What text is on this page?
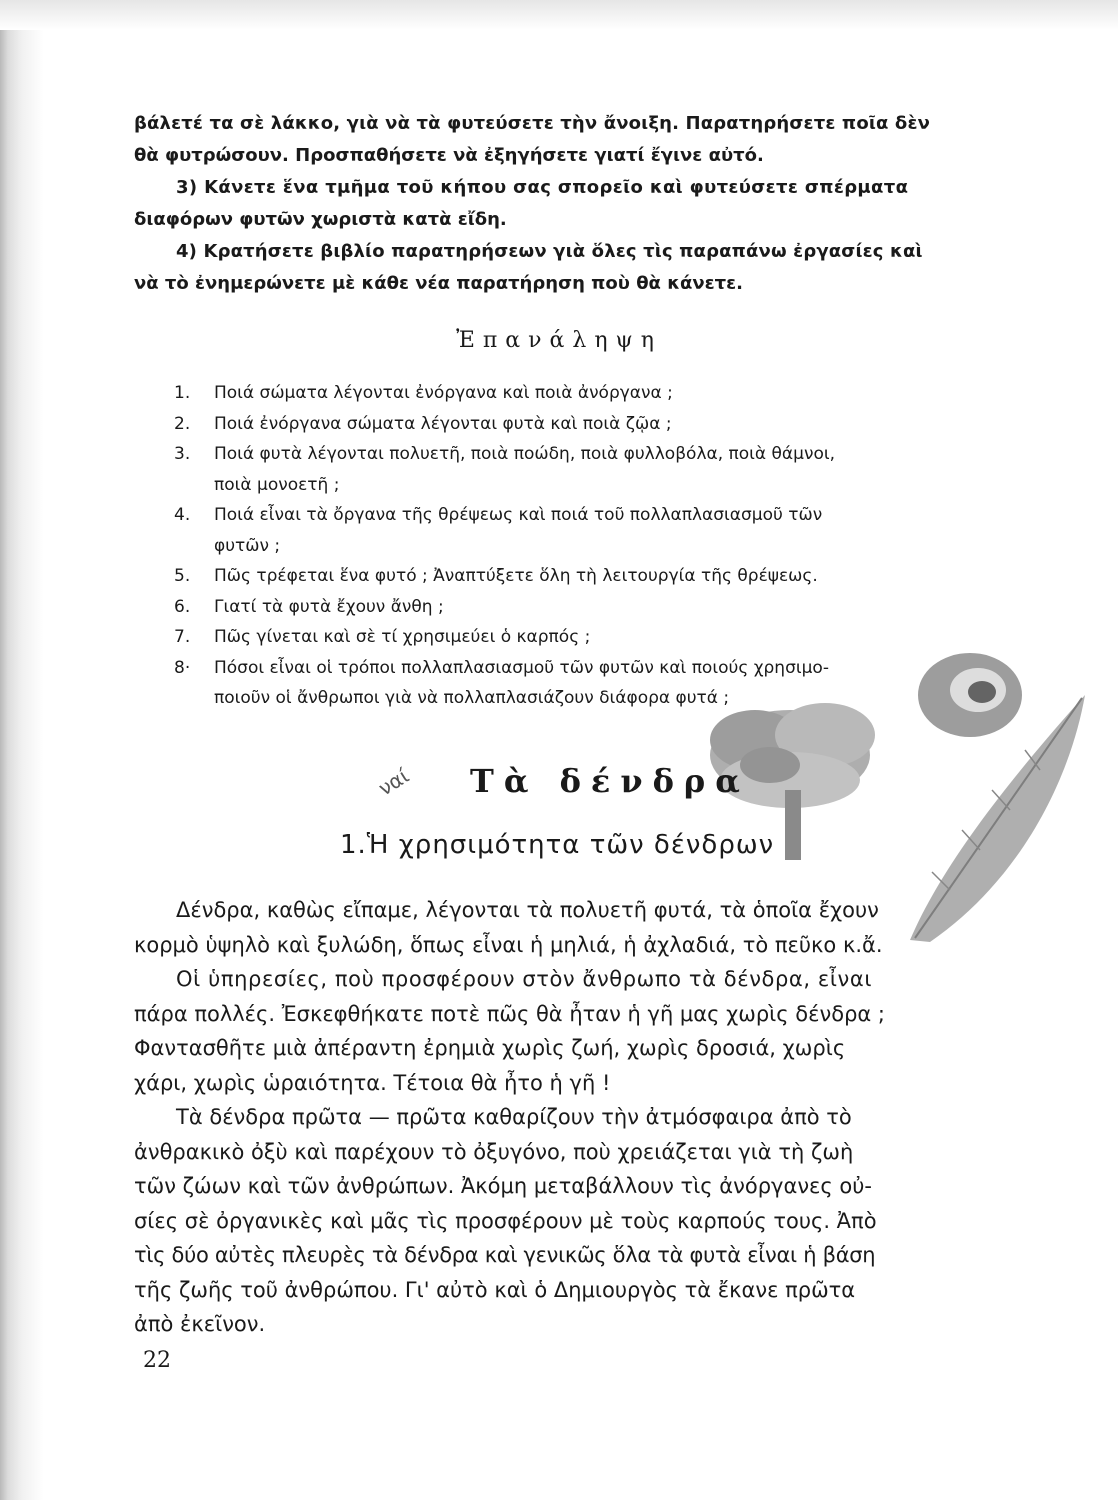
βάλετέ τα σὲ λάκκο, γιὰ νὰ τὰ φυτεύσετε τὴν ἄνοιξη. Παρατηρήσετε ποῖα δὲν
θὰ φυτρώσουν. Προσπαθήσετε νὰ ἐξηγήσετε γιατί ἔγινε αὐτό.
3) Κάνετε ἕνα τμῆμα τοῦ κήπου σας σπορεῖο καὶ φυτεύσετε σπέρματα
διαφόρων φυτῶν χωριστὰ κατὰ εἴδη.
4) Κρατήσετε βιβλίο παρατηρήσεων γιὰ ὅλες τὶς παραπάνω ἐργασίες καὶ
νὰ τὸ ἐνημερώνετε μὲ κάθε νέα παρατήρηση ποὺ θὰ κάνετε.
Ἐπανάληψη
1.	Ποιά σώματα λέγονται ἐνόργανα καὶ ποιὰ ἀνόργανα ;
2.	Ποιά ἐνόργανα σώματα λέγονται φυτὰ καὶ ποιὰ ζῷα ;
3.	Ποιά φυτὰ λέγονται πολυετῆ, ποιὰ ποώδη, ποιὰ φυλλοβόλα, ποιὰ θάμνοι,
ποιὰ μονοετῆ ;
4.	Ποιά εἶναι τὰ ὄργανα τῆς θρέψεως καὶ ποιά τοῦ πολλαπλασιασμοῦ τῶν
φυτῶν ;
5.	Πῶς τρέφεται ἕνα φυτό ; Ἀναπτύξετε ὅλη τὴ λειτουργία τῆς θρέψεως.
6.	Γιατί τὰ φυτὰ ἔχουν ἄνθη ;
7.	Πῶς γίνεται καὶ σὲ τί χρησιμεύει ὁ καρπός ;
8·	Πόσοι εἶναι οἱ τρόποι πολλαπλασιασμοῦ τῶν φυτῶν καὶ ποιούς χρησιμο-
ποιοῦν οἱ ἄνθρωποι γιὰ νὰ πολλαπλασιάζουν διάφορα φυτά ;
ναί Τὰ δένδρα
1.Ἡ χρησιμότητα τῶν δένδρων
Δένδρα, καθὼς εἴπαμε, λέγονται τὰ πολυετῆ φυτά, τὰ ὁποῖα ἔχουν
κορμὸ ὑψηλὸ καὶ ξυλώδη, ὅπως εἶναι ἡ μηλιά, ἡ ἀχλαδιά, τὸ πεῦκο κ.ἄ.
Οἱ ὑπηρεσίες, ποὺ προσφέρουν στὸν ἄνθρωπο τὰ δένδρα, εἶναι
πάρα πολλές. Ἐσκεφθήκατε ποτὲ πῶς θὰ ἦταν ἡ γῆ μας χωρὶς δένδρα ;
Φαντασθῆτε μιὰ ἀπέραντη ἐρημιὰ χωρὶς ζωή, χωρὶς δροσιά, χωρὶς
χάρι, χωρὶς ὡραιότητα. Τέτοια θὰ ἦτο ἡ γῆ !
Τὰ δένδρα πρῶτα — πρῶτα καθαρίζουν τὴν ἀτμόσφαιρα ἀπὸ τὸ
ἀνθρακικὸ ὀξὺ καὶ παρέχουν τὸ ὀξυγόνο, ποὺ χρειάζεται γιὰ τὴ ζωὴ
τῶν ζώων καὶ τῶν ἀνθρώπων. Ἀκόμη μεταβάλλουν τὶς ἀνόργανες οὐ-
σίες σὲ ὀργανικὲς καὶ μᾶς τὶς προσφέρουν μὲ τοὺς καρπούς τους. Ἀπὸ
τὶς δύο αὐτὲς πλευρὲς τὰ δένδρα καὶ γενικῶς ὅλα τὰ φυτὰ εἶναι ἡ βάση
τῆς ζωῆς τοῦ ἀνθρώπου. Γι' αὐτὸ καὶ ὁ Δημιουργὸς τὰ ἔκανε πρῶτα
ἀπὸ ἐκεῖνον.
22
